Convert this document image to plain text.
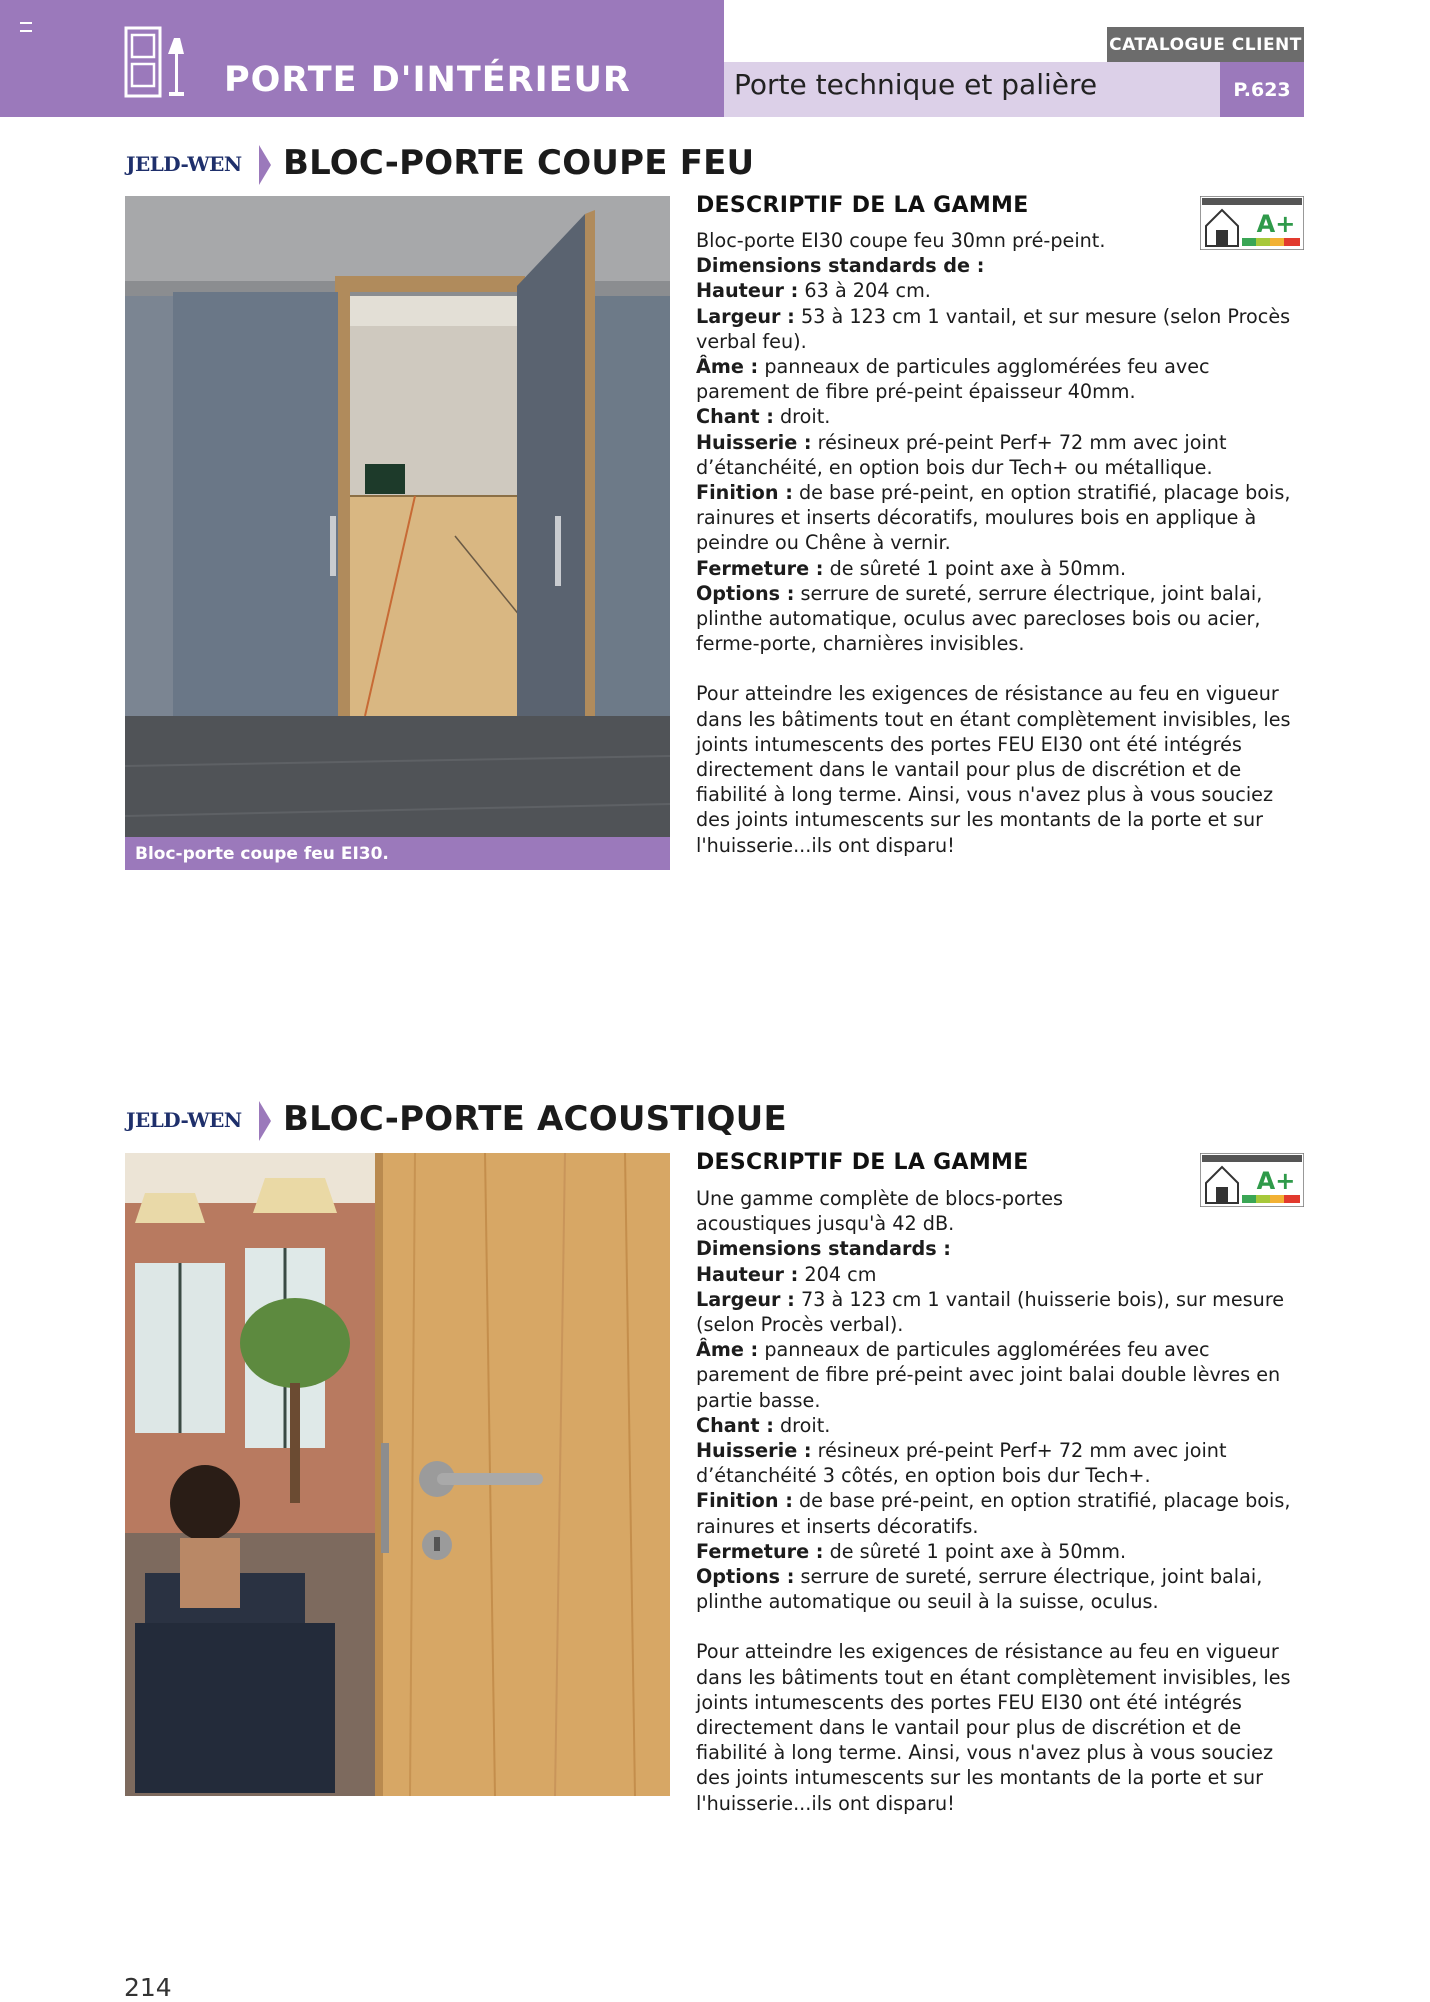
PORTE D'INTÉRIEUR	Porte technique et palière
CATALOGUE CLIENT
P.623
JELD-WEN BLOC-PORTE COUPE FEU
Bloc-porte coupe feu EI30.
DESCRIPTIF DE LA GAMME
A+

Bloc-porte EI30 coupe feu 30mn pré-peint.

Dimensions standards de :

Hauteur : 63 à 204 cm.

Largeur : 53 à 123 cm 1 vantail, et sur mesure (selon Procès verbal feu).

Âme : panneaux de particules agglomérées feu avec parement de fibre pré-peint épaisseur 40mm.

Chant : droit.

Huisserie : résineux pré-peint Perf+ 72 mm avec joint d’étanchéité, en option bois dur Tech+ ou métallique.

Finition : de base pré-peint, en option stratifié, placage bois, rainures et inserts décoratifs, moulures bois en applique à peindre ou Chêne à vernir.

Fermeture : de sûreté 1 point axe à 50mm.

Options : serrure de sureté, serrure électrique, joint balai, plinthe automatique, oculus avec parecloses bois ou acier, ferme-porte, charnières invisibles.

Pour atteindre les exigences de résistance au feu en vigueur dans les bâtiments tout en étant complètement invisibles, les joints intumescents des portes FEU EI30 ont été intégrés directement dans le vantail pour plus de discrétion et de fiabilité à long terme. Ainsi, vous n'avez plus à vous souciez des joints intumescents sur les montants de la porte et sur l'huisserie...ils ont disparu!

JELD-WEN BLOC-PORTE ACOUSTIQUE
DESCRIPTIF DE LA GAMME
A+

Une gamme complète de blocs-portes acoustiques jusqu'à 42 dB.

Dimensions standards :

Hauteur : 204 cm

Largeur : 73 à 123 cm 1 vantail (huisserie bois), sur mesure (selon Procès verbal).

Âme : panneaux de particules agglomérées feu avec parement de fibre pré-peint avec joint balai double lèvres en partie basse.

Chant : droit.

Huisserie : résineux pré-peint Perf+ 72 mm avec joint d’étanchéité 3 côtés, en option bois dur Tech+.

Finition : de base pré-peint, en option stratifié, placage bois, rainures et inserts décoratifs.

Fermeture : de sûreté 1 point axe à 50mm.

Options : serrure de sureté, serrure électrique, joint balai, plinthe automatique ou seuil à la suisse, oculus.

Pour atteindre les exigences de résistance au feu en vigueur dans les bâtiments tout en étant complètement invisibles, les joints intumescents des portes FEU EI30 ont été intégrés directement dans le vantail pour plus de discrétion et de fiabilité à long terme. Ainsi, vous n'avez plus à vous souciez des joints intumescents sur les montants de la porte et sur l'huisserie...ils ont disparu!

214
